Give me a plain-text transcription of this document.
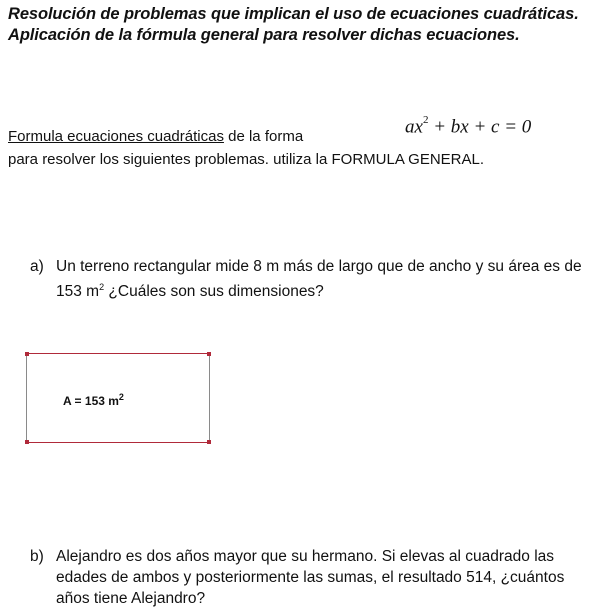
Resolución de problemas que implican el uso de ecuaciones cuadráticas. Aplicación de la fórmula general para resolver dichas ecuaciones.
Formula ecuaciones cuadráticas de la forma	$ax^2$ + bx + c = 0
para resolver los siguientes problemas. utiliza la FORMULA GENERAL.
a) Un terreno rectangular mide 8 m más de largo que de ancho y su área es de 153 $m^2$ ¿Cuáles son sus dimensiones?
A = 153 $m^2$
b) Alejandro es dos años mayor que su hermano. Si elevas al cuadrado las edades de ambos y posteriormente las sumas, el resultado 514, ¿cuántos años tiene Alejandro?
